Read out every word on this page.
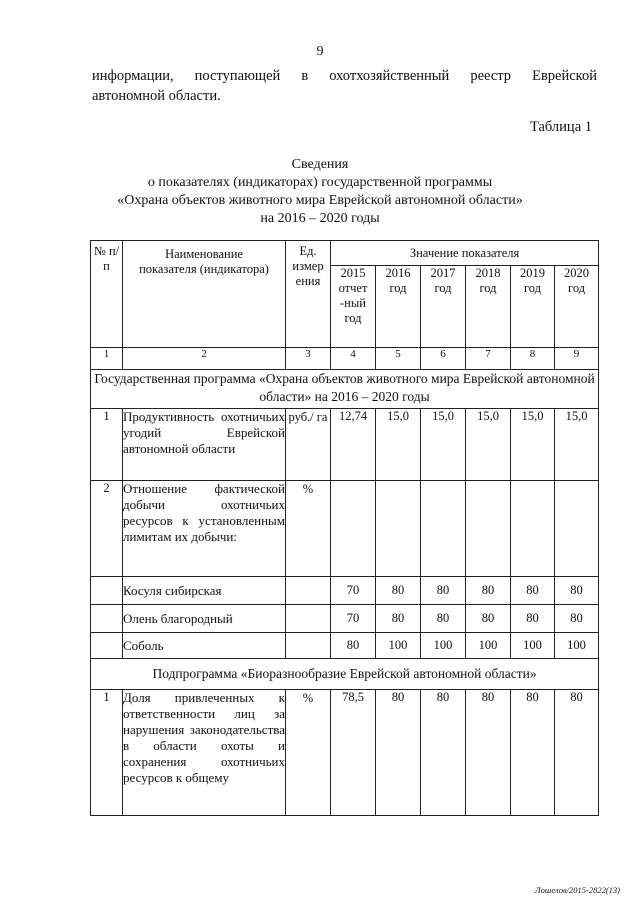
9
информации, поступающей в охотхозяйственный реестр Еврейской
автономной области.
Таблица 1
Сведения
о показателях (индикаторах) государственной программы
«Охрана объектов животного мира Еврейской автономной области»
на 2016 – 2020 годы
№ п/п	Наименование показателя (индикатора)	Ед. измер ения	Значение показателя					
			2015 отчет -ный год	2016 год	2017 год	2018 год	2019 год	2020 год
1	2	3	4	5	6	7	8	9
Государственная программа «Охрана объектов животного мира Еврейской автономной области» на 2016 – 2020 годы								
1	Продуктивность охотничьих угодий Еврейской автономной области	руб./ га	12,74	15,0	15,0	15,0	15,0	15,0
2	Отношение фактической добычи охотничьих ресурсов к установленным лимитам их добычи:	%						
	Косуля сибирская		70	80	80	80	80	80
	Олень благородный		70	80	80	80	80	80
	Соболь		80	100	100	100	100	100
Подпрограмма «Биоразнообразие Еврейской автономной области»								
1	Доля привлеченных к ответственности лиц за нарушения законодательства в области охоты и сохранения охотничьих ресурсов к общему	%	78,5	80	80	80	80	80
Лошелов/2015-2822(13)
